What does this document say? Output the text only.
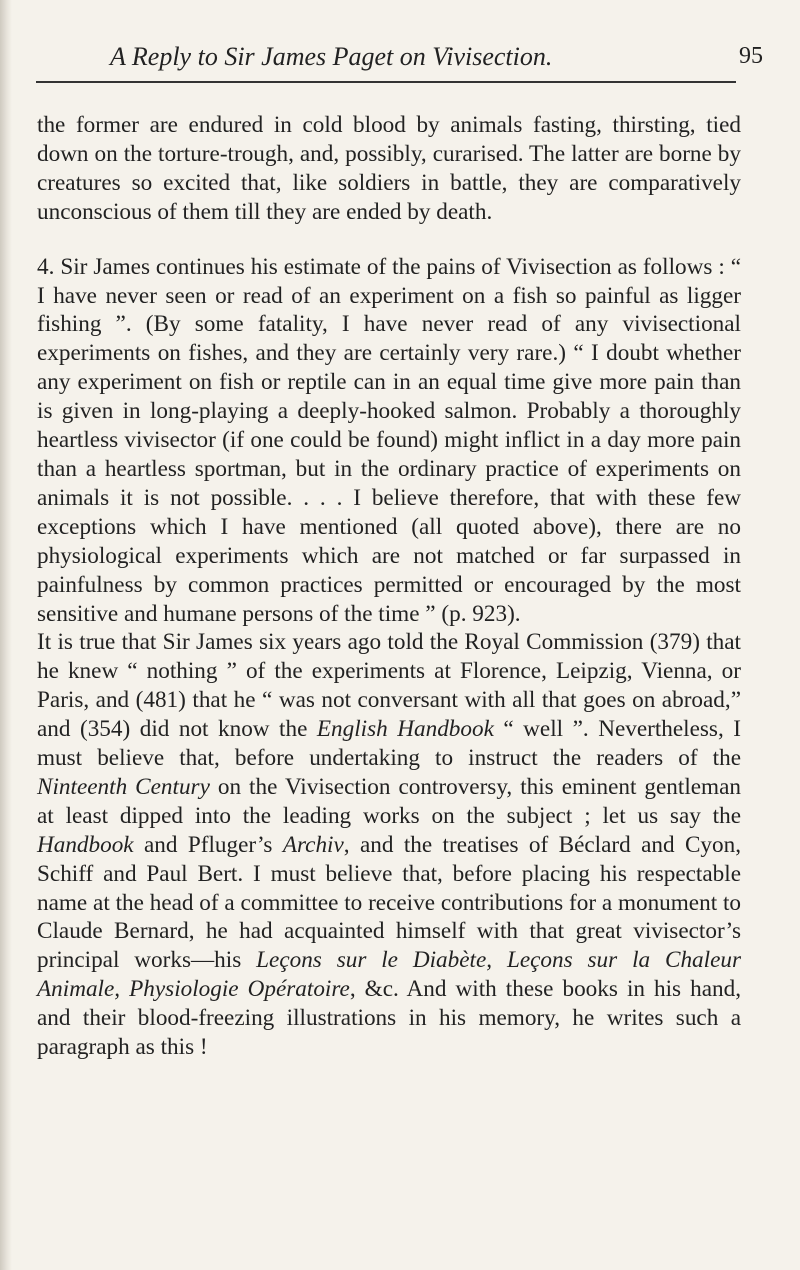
A Reply to Sir James Paget on Vivisection.	95

the former are endured in cold blood by animals fasting, thirsting, tied down on the torture-trough, and, possibly, curarised. The latter are borne by creatures so excited that, like soldiers in battle, they are comparatively unconscious of them till they are ended by death.

4. Sir James continues his estimate of the pains of Vivisection as follows : “ I have never seen or read of an experiment on a fish so painful as ligger fishing ”. (By some fatality, I have never read of any vivisectional experiments on fishes, and they are certainly very rare.) “ I doubt whether any experiment on fish or reptile can in an equal time give more pain than is given in long-playing a deeply-hooked salmon. Probably a thoroughly heartless vivisector (if one could be found) might inflict in a day more pain than a heartless sportman, but in the ordinary practice of experiments on animals it is not possible. . . . I believe therefore, that with these few exceptions which I have mentioned (all quoted above), there are no physiological experiments which are not matched or far surpassed in painfulness by common practices permitted or encouraged by the most sensitive and humane persons of the time ” (p. 923).

It is true that Sir James six years ago told the Royal Commission (379) that he knew “ nothing ” of the experiments at Florence, Leipzig, Vienna, or Paris, and (481) that he “ was not conversant with all that goes on abroad,” and (354) did not know the English Handbook “ well ”. Nevertheless, I must believe that, before undertaking to instruct the readers of the Ninteenth Century on the Vivisection controversy, this eminent gentleman at least dipped into the leading works on the subject ; let us say the Handbook and Pfluger’s Archiv, and the treatises of Béclard and Cyon, Schiff and Paul Bert. I must believe that, before placing his respectable name at the head of a committee to receive contributions for a monument to Claude Bernard, he had acquainted himself with that great vivisector’s principal works—his Leçons sur le Diabète, Leçons sur la Chaleur Animale, Physiologie Opératoire, &c. And with these books in his hand, and their blood-freezing illustrations in his memory, he writes such a paragraph as this !
